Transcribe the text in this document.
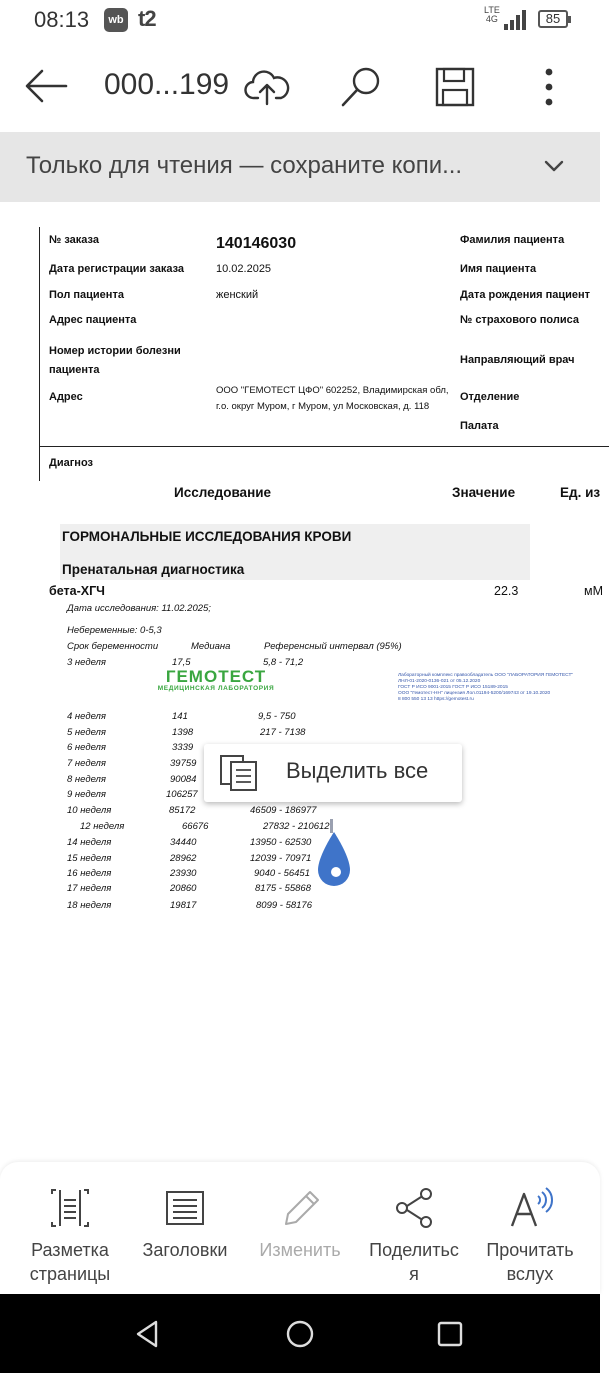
08:13	wb t2	LTE
4G	85
000...199
Только для чтения — сохраните копи...
№ заказа	140146030
Дата регистрации заказа	10.02.2025
Пол пациента	женский
Адрес пациента
Номер истории болезни
пациента
Адрес
ООО "ГЕМОТЕСТ ЦФО" 602252, Владимирская обл,
г.о. округ Муром, г Муром, ул Московская, д. 118
Фамилия пациента
Имя пациента
Дата рождения пациент
№ страхового полиса
Направляющий врач
Отделение
Палата
Диагноз
Исследование	Значение	Ед. из
ГОРМОНАЛЬНЫЕ ИССЛЕДОВАНИЯ КРОВИ
Пренатальная диагностика
бета-ХГЧ	22.3	мМ
Дата исследования: 11.02.2025;
Небеременные: 0-5,3
Срок беременности	Медиана	Референсный интервал (95%)
3 неделя	17,5	5,8 - 71,2
ГЕМОТЕСТ
МЕДИЦИНСКАЯ ЛАБОРАТОРИЯ
Лабораторный комплекс правообладатель ООО "ЛАБОРАТОРИЯ ГЕМОТЕСТ"
ЛНЛ-01-2020-0136-021 от 05.12.2020
ГОСТ Р ИСО 9001-2015 ГОСТ Р ИСО 15189-2015
ООО "Гемотест-НН" лицензия Лол.01194-5200/169743 от 19.10.2020
8 800 550 13 13 https://gemotest.ru
4 неделя	141	9,5 - 750
5 неделя	1398	217 - 7138
6 неделя	3339
7 неделя	39759
8 неделя	90084
9 неделя	106257
10 неделя	85172	46509 - 186977
12 неделя	66676	27832 - 210612
14 неделя	34440	13950 - 62530
15 неделя	28962	12039 - 70971
16 неделя	23930	9040 - 56451
17 неделя	20860	8175 - 55868
18 неделя	19817	8099 - 58176
Выделить все
Разметка
страницы
Заголовки	Изменить	Поделитьс
я
Прочитать
вслух
